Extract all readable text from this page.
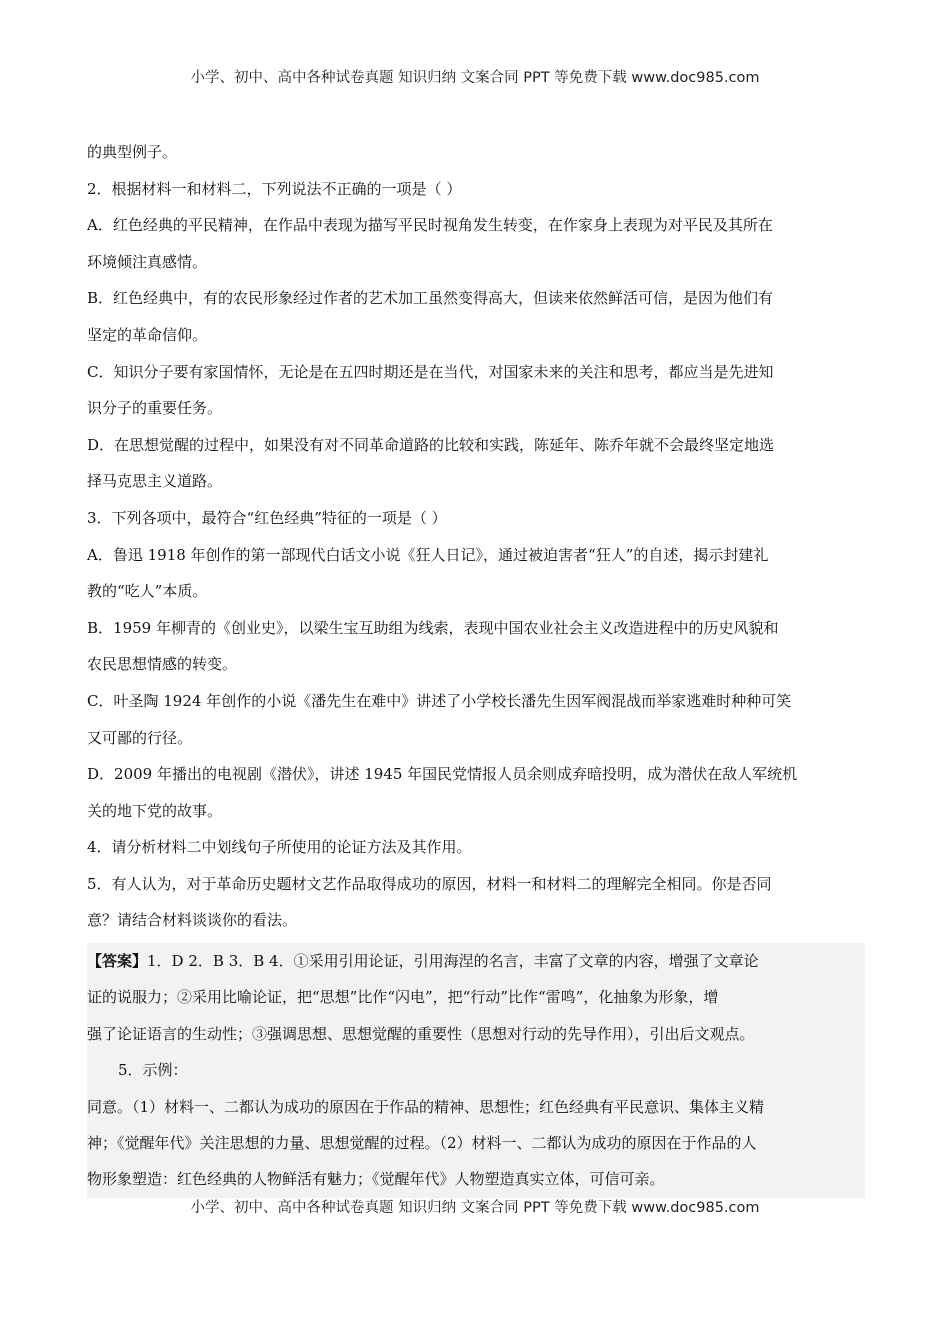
小学、初中、高中各种试卷真题 知识归纳 文案合同 PPT 等免费下载 www.doc985.com
的典型例子。
2．根据材料一和材料二，下列说法不正确的一项是（ ）
A．红色经典的平民精神，在作品中表现为描写平民时视角发生转变，在作家身上表现为对平民及其所在
环境倾注真感情。
B．红色经典中，有的农民形象经过作者的艺术加工虽然变得高大，但读来依然鲜活可信，是因为他们有
坚定的革命信仰。
C．知识分子要有家国情怀，无论是在五四时期还是在当代，对国家未来的关注和思考，都应当是先进知
识分子的重要任务。
D．在思想觉醒的过程中，如果没有对不同革命道路的比较和实践，陈延年、陈乔年就不会最终坚定地选
择马克思主义道路。
3．下列各项中，最符合“红色经典”特征的一项是（ ）
A．鲁迅 1918 年创作的第一部现代白话文小说《狂人日记》，通过被迫害者“狂人”的自述，揭示封建礼
教的“吃人”本质。
B．1959 年柳青的《创业史》，以梁生宝互助组为线索，表现中国农业社会主义改造进程中的历史风貌和
农民思想情感的转变。
C．叶圣陶 1924 年创作的小说《潘先生在难中》讲述了小学校长潘先生因军阀混战而举家逃难时种种可笑
又可鄙的行径。
D．2009 年播出的电视剧《潜伏》，讲述 1945 年国民党情报人员余则成弃暗投明，成为潜伏在敌人军统机
关的地下党的故事。
4．请分析材料二中划线句子所使用的论证方法及其作用。
5．有人认为，对于革命历史题材文艺作品取得成功的原因，材料一和材料二的理解完全相同。你是否同
意？请结合材料谈谈你的看法。
【答案】1．D 2．B 3．B 4．①采用引用论证，引用海涅的名言，丰富了文章的内容，增强了文章论
证的说服力；②采用比喻论证，把“思想”比作“闪电”，把“行动”比作“雷鸣”，化抽象为形象，增
强了论证语言的生动性；③强调思想、思想觉醒的重要性（思想对行动的先导作用），引出后文观点。
5．示例：
同意。（1）材料一、二都认为成功的原因在于作品的精神、思想性；红色经典有平民意识、集体主义精
神；《觉醒年代》关注思想的力量、思想觉醒的过程。（2）材料一、二都认为成功的原因在于作品的人
物形象塑造：红色经典的人物鲜活有魅力；《觉醒年代》人物塑造真实立体，可信可亲。
小学、初中、高中各种试卷真题 知识归纳 文案合同 PPT 等免费下载 www.doc985.com
